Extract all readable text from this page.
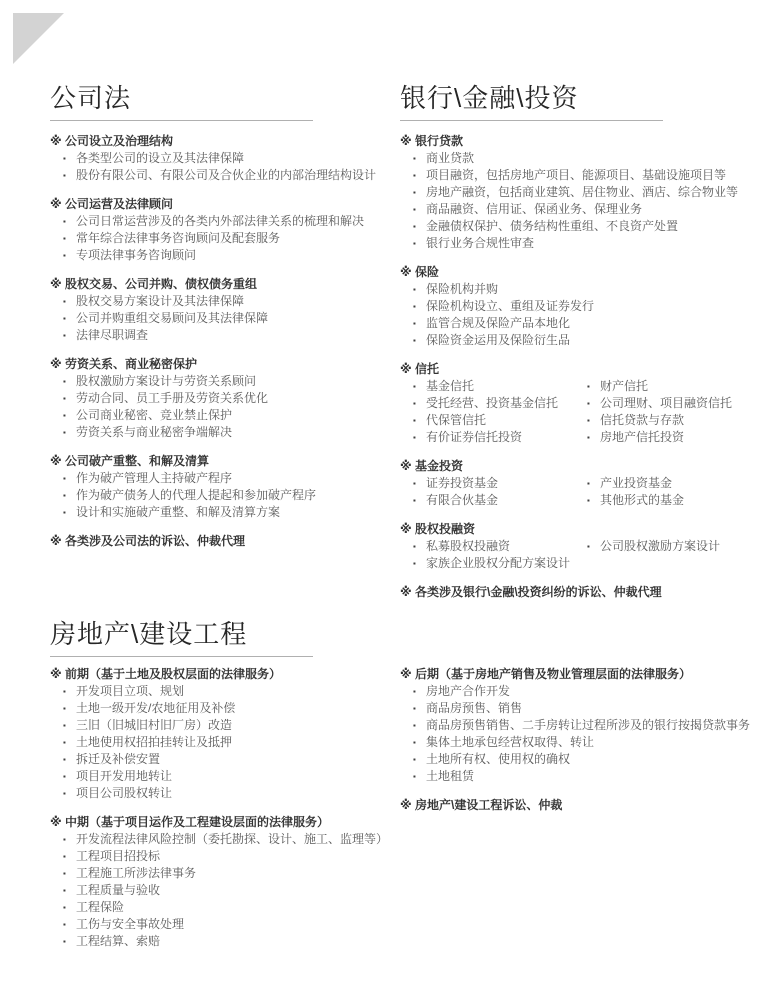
公司法
※ 公司设立及治理结构
▪ 各类型公司的设立及其法律保障
▪ 股份有限公司、有限公司及合伙企业的内部治理结构设计
※ 公司运营及法律顾问
▪ 公司日常运营涉及的各类内外部法律关系的梳理和解决
▪ 常年综合法律事务咨询顾问及配套服务
▪ 专项法律事务咨询顾问
※ 股权交易、公司并购、债权债务重组
▪ 股权交易方案设计及其法律保障
▪ 公司并购重组交易顾问及其法律保障
▪ 法律尽职调查
※ 劳资关系、商业秘密保护
▪ 股权激励方案设计与劳资关系顾问
▪ 劳动合同、员工手册及劳资关系优化
▪ 公司商业秘密、竞业禁止保护
▪ 劳资关系与商业秘密争端解决
※ 公司破产重整、和解及清算
▪ 作为破产管理人主持破产程序
▪ 作为破产债务人的代理人提起和参加破产程序
▪ 设计和实施破产重整、和解及清算方案
※ 各类涉及公司法的诉讼、仲裁代理
银行\金融\投资
※ 银行贷款
▪ 商业贷款
▪ 项目融资，包括房地产项目、能源项目、基础设施项目等
▪ 房地产融资，包括商业建筑、居住物业、酒店、综合物业等
▪ 商品融资、信用证、保函业务、保理业务
▪ 金融债权保护、债务结构性重组、不良资产处置
▪ 银行业务合规性审查
※ 保险
▪ 保险机构并购
▪ 保险机构设立、重组及证券发行
▪ 监管合规及保险产品本地化
▪ 保险资金运用及保险衍生品
※ 信托
▪ 基金信托
▪ 受托经营、投资基金信托
▪ 代保管信托
▪ 有价证券信托投资
▪ 财产信托
▪ 公司理财、项目融资信托
▪ 信托贷款与存款
▪ 房地产信托投资
※ 基金投资
▪ 证券投资基金
▪ 有限合伙基金
▪ 产业投资基金
▪ 其他形式的基金
※ 股权投融资
▪ 私募股权投融资
▪ 家族企业股权分配方案设计
▪ 公司股权激励方案设计
※ 各类涉及银行\金融\投资纠纷的诉讼、仲裁代理
房地产\建设工程
※ 前期（基于土地及股权层面的法律服务）
▪ 开发项目立项、规划
▪ 土地一级开发/农地征用及补偿
▪ 三旧（旧城旧村旧厂房）改造
▪ 土地使用权招拍挂转让及抵押
▪ 拆迁及补偿安置
▪ 项目开发用地转让
▪ 项目公司股权转让
※ 中期（基于项目运作及工程建设层面的法律服务）
▪ 开发流程法律风险控制（委托勘探、设计、施工、监理等）
▪ 工程项目招投标
▪ 工程施工所涉法律事务
▪ 工程质量与验收
▪ 工程保险
▪ 工伤与安全事故处理
▪ 工程结算、索赔
※ 后期（基于房地产销售及物业管理层面的法律服务）
▪ 房地产合作开发
▪ 商品房预售、销售
▪ 商品房预售销售、二手房转让过程所涉及的银行按揭贷款事务
▪ 集体土地承包经营权取得、转让
▪ 土地所有权、使用权的确权
▪ 土地租赁
※ 房地产\建设工程诉讼、仲裁
